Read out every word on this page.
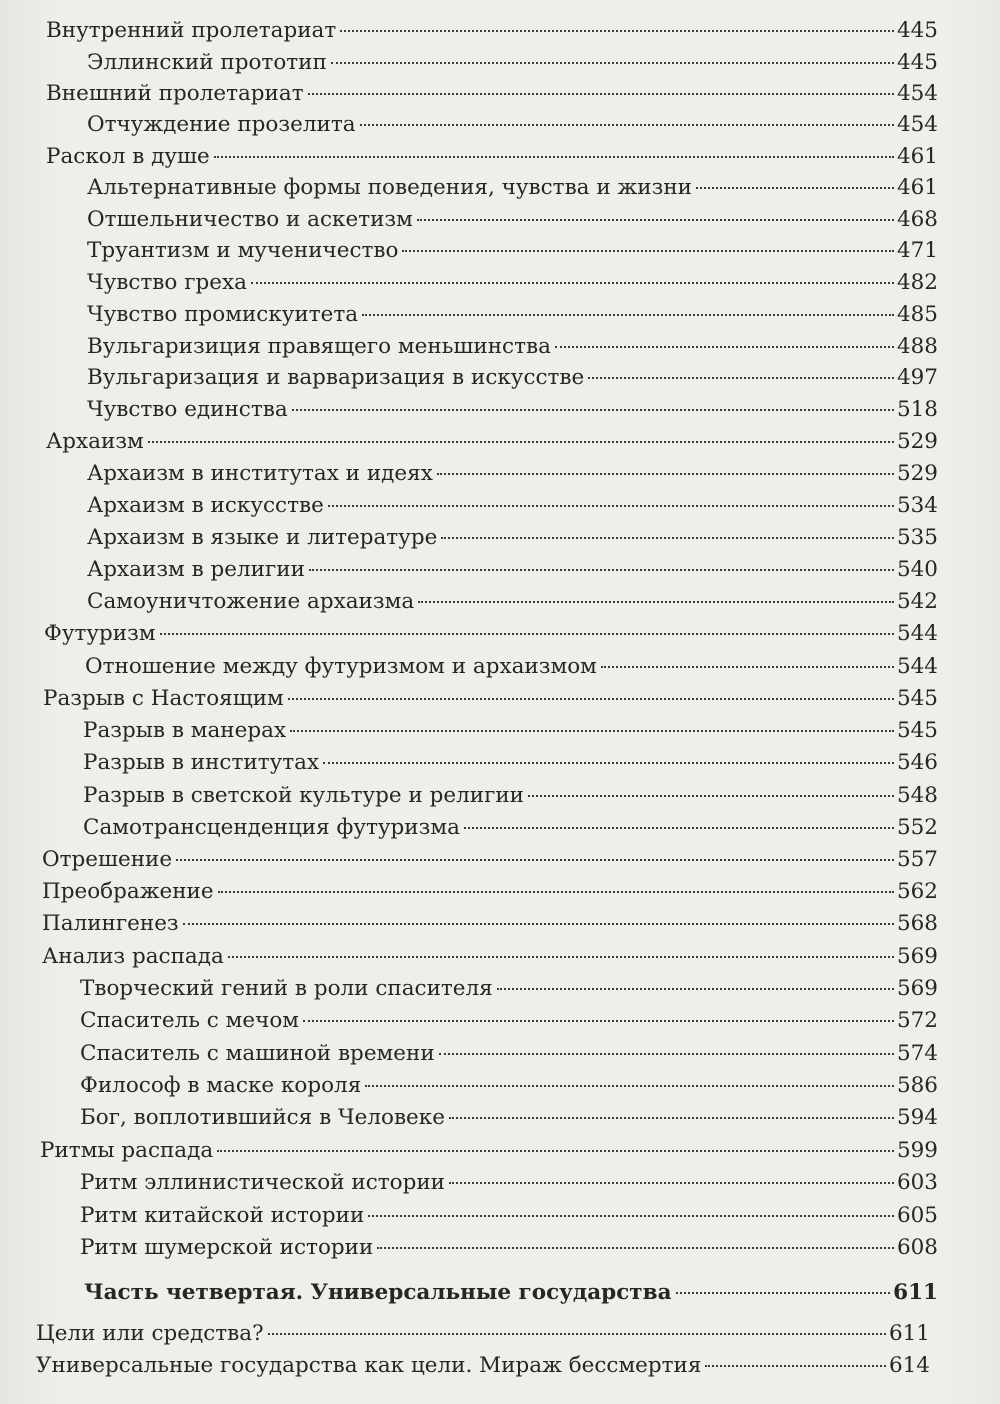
Внутренний пролетариат	445
Эллинский прототип	445
Внешний пролетариат	454
Отчуждение прозелита	454
Раскол в душе	461
Альтернативные формы поведения, чувства и жизни	461
Отшельничество и аскетизм	468
Труантизм и мученичество	471
Чувство греха	482
Чувство промискуитета	485
Вульгаризиция правящего меньшинства	488
Вульгаризация и варваризация в искусстве	497
Чувство единства	518
Архаизм	529
Архаизм в институтах и идеях	529
Архаизм в искусстве	534
Архаизм в языке и литературе	535
Архаизм в религии	540
Самоуничтожение архаизма	542
Футуризм	544
Отношение между футуризмом и архаизмом	544
Разрыв с Настоящим	545
Разрыв в манерах	545
Разрыв в институтах	546
Разрыв в светской культуре и религии	548
Самотрансценденция футуризма	552
Отрешение	557
Преображение	562
Палингенез	568
Анализ распада	569
Творческий гений в роли спасителя	569
Спаситель с мечом	572
Спаситель с машиной времени	574
Философ в маске короля	586
Бог, воплотившийся в Человеке	594
Ритмы распада	599
Ритм эллинистической истории	603
Ритм китайской истории	605
Ритм шумерской истории	608
Часть четвертая. Универсальные государства	611
Цели или средства?	611
Универсальные государства как цели. Мираж бессмертия	614
